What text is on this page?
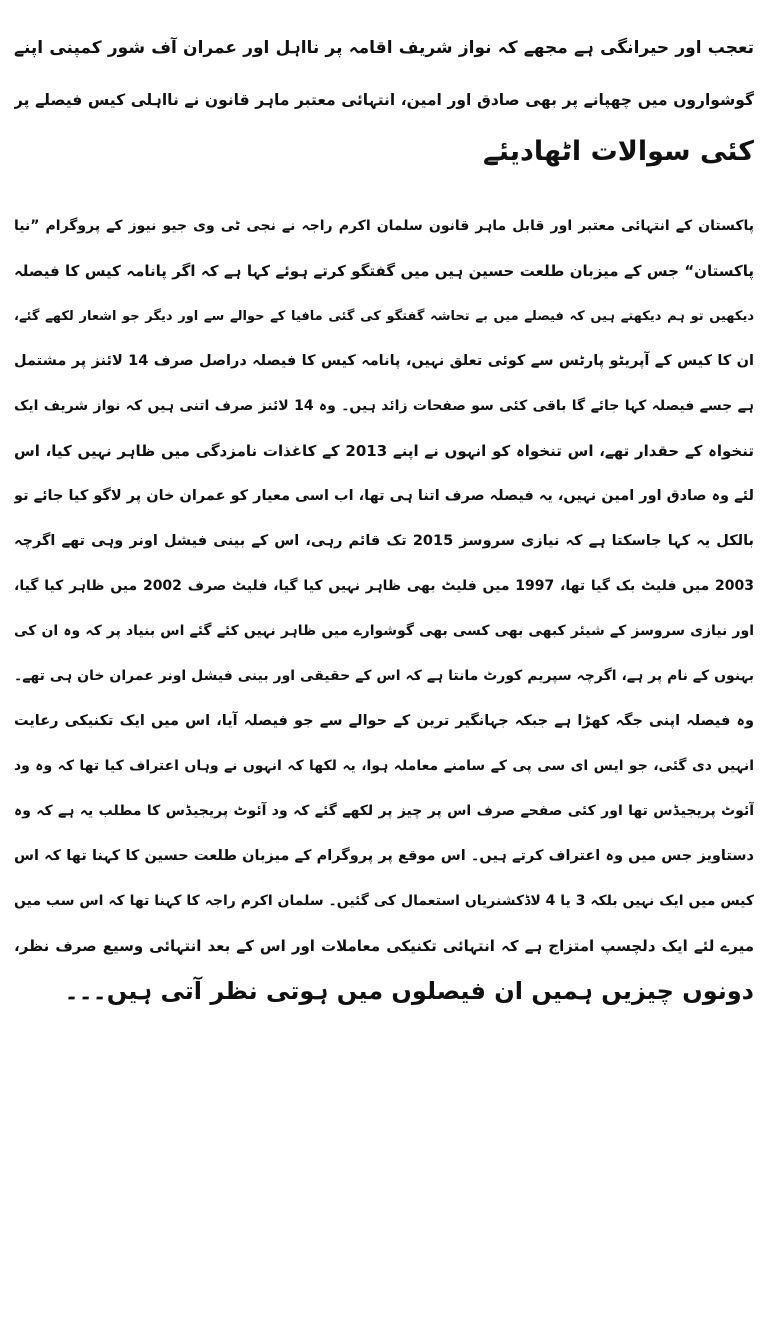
تعجب اور حیرانگی ہے مجھے کہ نواز شریف اقامہ پر نااہل اور عمران آف شور کمپنی اپنے
گوشواروں میں چھپانے پر بھی صادق اور امین، انتہائی معتبر ماہر قانون نے نااہلی کیس فیصلے پر
کئی سوالات اٹھادیئے
پاکستان کے انتہائی معتبر اور قابل ماہر قانون سلمان اکرم راجہ نے نجی ٹی وی جیو نیوز کے پروگرام ”نیا
پاکستان“ جس کے میزبان طلعت حسین ہیں میں گفتگو کرتے ہوئے کہا ہے کہ اگر پانامہ کیس کا فیصلہ
دیکھیں تو ہم دیکھتے ہیں کہ فیصلے میں بے تحاشہ گفتگو کی گئی مافیا کے حوالے سے اور دیگر جو اشعار لکھے گئے،
ان کا کیس کے آپریٹو پارٹس سے کوئی تعلق نہیں، پانامہ کیس کا فیصلہ دراصل صرف 14 لائنز پر مشتمل
ہے جسے فیصلہ کہا جائے گا باقی کئی سو صفحات زائد ہیں۔ وہ 14 لائنز صرف اتنی ہیں کہ نواز شریف ایک
تنخواہ کے حقدار تھے، اس تنخواہ کو انہوں نے اپنے 2013 کے کاغذات نامزدگی میں ظاہر نہیں کیا، اس
لئے وہ صادق اور امین نہیں، یہ فیصلہ صرف اتنا ہی تھا، اب اسی معیار کو عمران خان پر لاگو کیا جائے تو
بالکل یہ کہا جاسکتا ہے کہ نیازی سروسز 2015 تک قائم رہی، اس کے بینی فیشل اونر وہی تھے اگرچہ
2003 میں فلیٹ بک گیا تھا، 1997 میں فلیٹ بھی ظاہر نہیں کیا گیا، فلیٹ صرف 2002 میں ظاہر کیا گیا،
اور نیازی سروسز کے شیئر کبھی بھی کسی بھی گوشوارے میں ظاہر نہیں کئے گئے اس بنیاد پر کہ وہ ان کی
بہنوں کے نام پر ہے، اگرچہ سپریم کورٹ مانتا ہے کہ اس کے حقیقی اور بینی فیشل اونر عمران خان ہی تھے۔
وہ فیصلہ اپنی جگہ کھڑا ہے جبکہ جہانگیر ترین کے حوالے سے جو فیصلہ آیا، اس میں ایک تکنیکی رعایت
انہیں دی گئی، جو ایس ای سی پی کے سامنے معاملہ ہوا، یہ لکھا کہ انہوں نے وہاں اعتراف کیا تھا کہ وہ ود
آئوٹ پریجیڈس تھا اور کئی صفحے صرف اس پر چیز پر لکھے گئے کہ ود آئوٹ پریجیڈس کا مطلب یہ ہے کہ وہ
دستاویز جس میں وہ اعتراف کرتے ہیں۔ اس موقع پر پروگرام کے میزبان طلعت حسین کا کہنا تھا کہ اس
کیس میں ایک نہیں بلکہ 3 یا 4 لاڈکشنریاں استعمال کی گئیں۔ سلمان اکرم راجہ کا کہنا تھا کہ اس سب میں
میرے لئے ایک دلچسپ امتزاج ہے کہ انتہائی تکنیکی معاملات اور اس کے بعد انتہائی وسیع صرف نظر،
دونوں چیزیں ہمیں ان فیصلوں میں ہوتی نظر آتی ہیں۔۔۔
